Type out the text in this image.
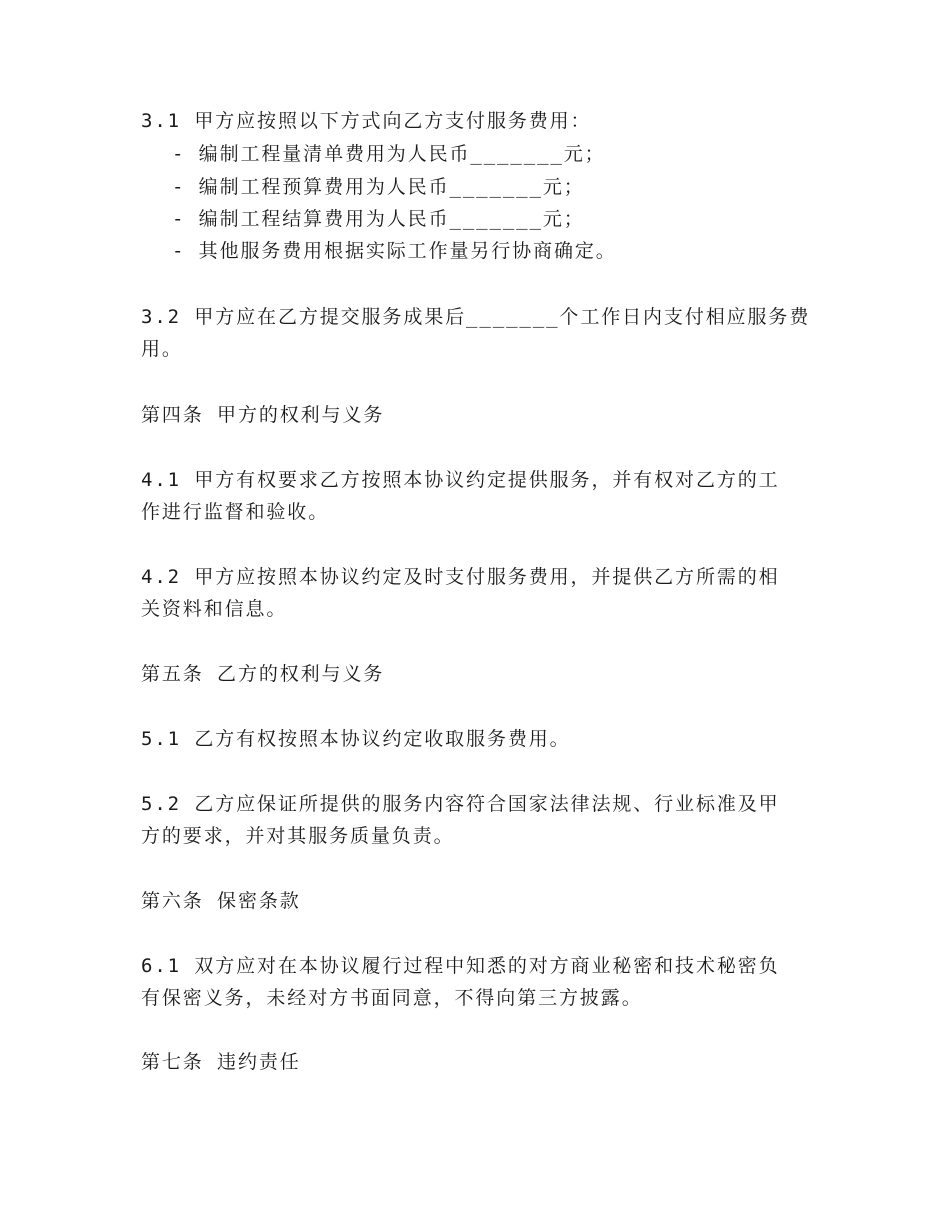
3.1 甲方应按照以下方式向乙方支付服务费用：
- 编制工程量清单费用为人民币_______元；
- 编制工程预算费用为人民币_______元；
- 编制工程结算费用为人民币_______元；
- 其他服务费用根据实际工作量另行协商确定。
3.2 甲方应在乙方提交服务成果后_______个工作日内支付相应服务费
用。
第四条 甲方的权利与义务
4.1 甲方有权要求乙方按照本协议约定提供服务，并有权对乙方的工
作进行监督和验收。
4.2 甲方应按照本协议约定及时支付服务费用，并提供乙方所需的相
关资料和信息。
第五条 乙方的权利与义务
5.1 乙方有权按照本协议约定收取服务费用。
5.2 乙方应保证所提供的服务内容符合国家法律法规、行业标准及甲
方的要求，并对其服务质量负责。
第六条 保密条款
6.1 双方应对在本协议履行过程中知悉的对方商业秘密和技术秘密负
有保密义务，未经对方书面同意，不得向第三方披露。
第七条 违约责任
